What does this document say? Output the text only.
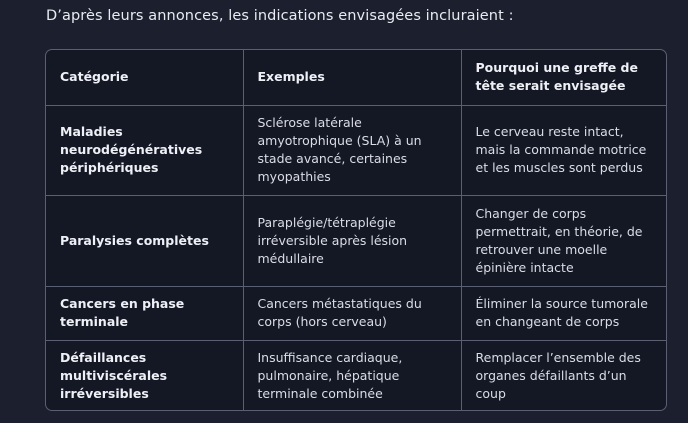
D’après leurs annonces, les indications envisagées incluraient :
Catégorie	Exemples	Pourquoi une greffe de tête serait envisagée
Maladies neurodégénératives périphériques	Sclérose latérale amyotrophique (SLA) à un stade avancé, certaines myopathies	Le cerveau reste intact, mais la commande motrice et les muscles sont perdus
Paralysies complètes	Paraplégie/tétraplégie irréversible après lésion médullaire	Changer de corps permettrait, en théorie, de retrouver une moelle épinière intacte
Cancers en phase terminale	Cancers métastatiques du corps (hors cerveau)	Éliminer la source tumorale en changeant de corps
Défaillances multiviscérales irréversibles	Insuffisance cardiaque, pulmonaire, hépatique terminale combinée	Remplacer l’ensemble des organes défaillants d’un coup
